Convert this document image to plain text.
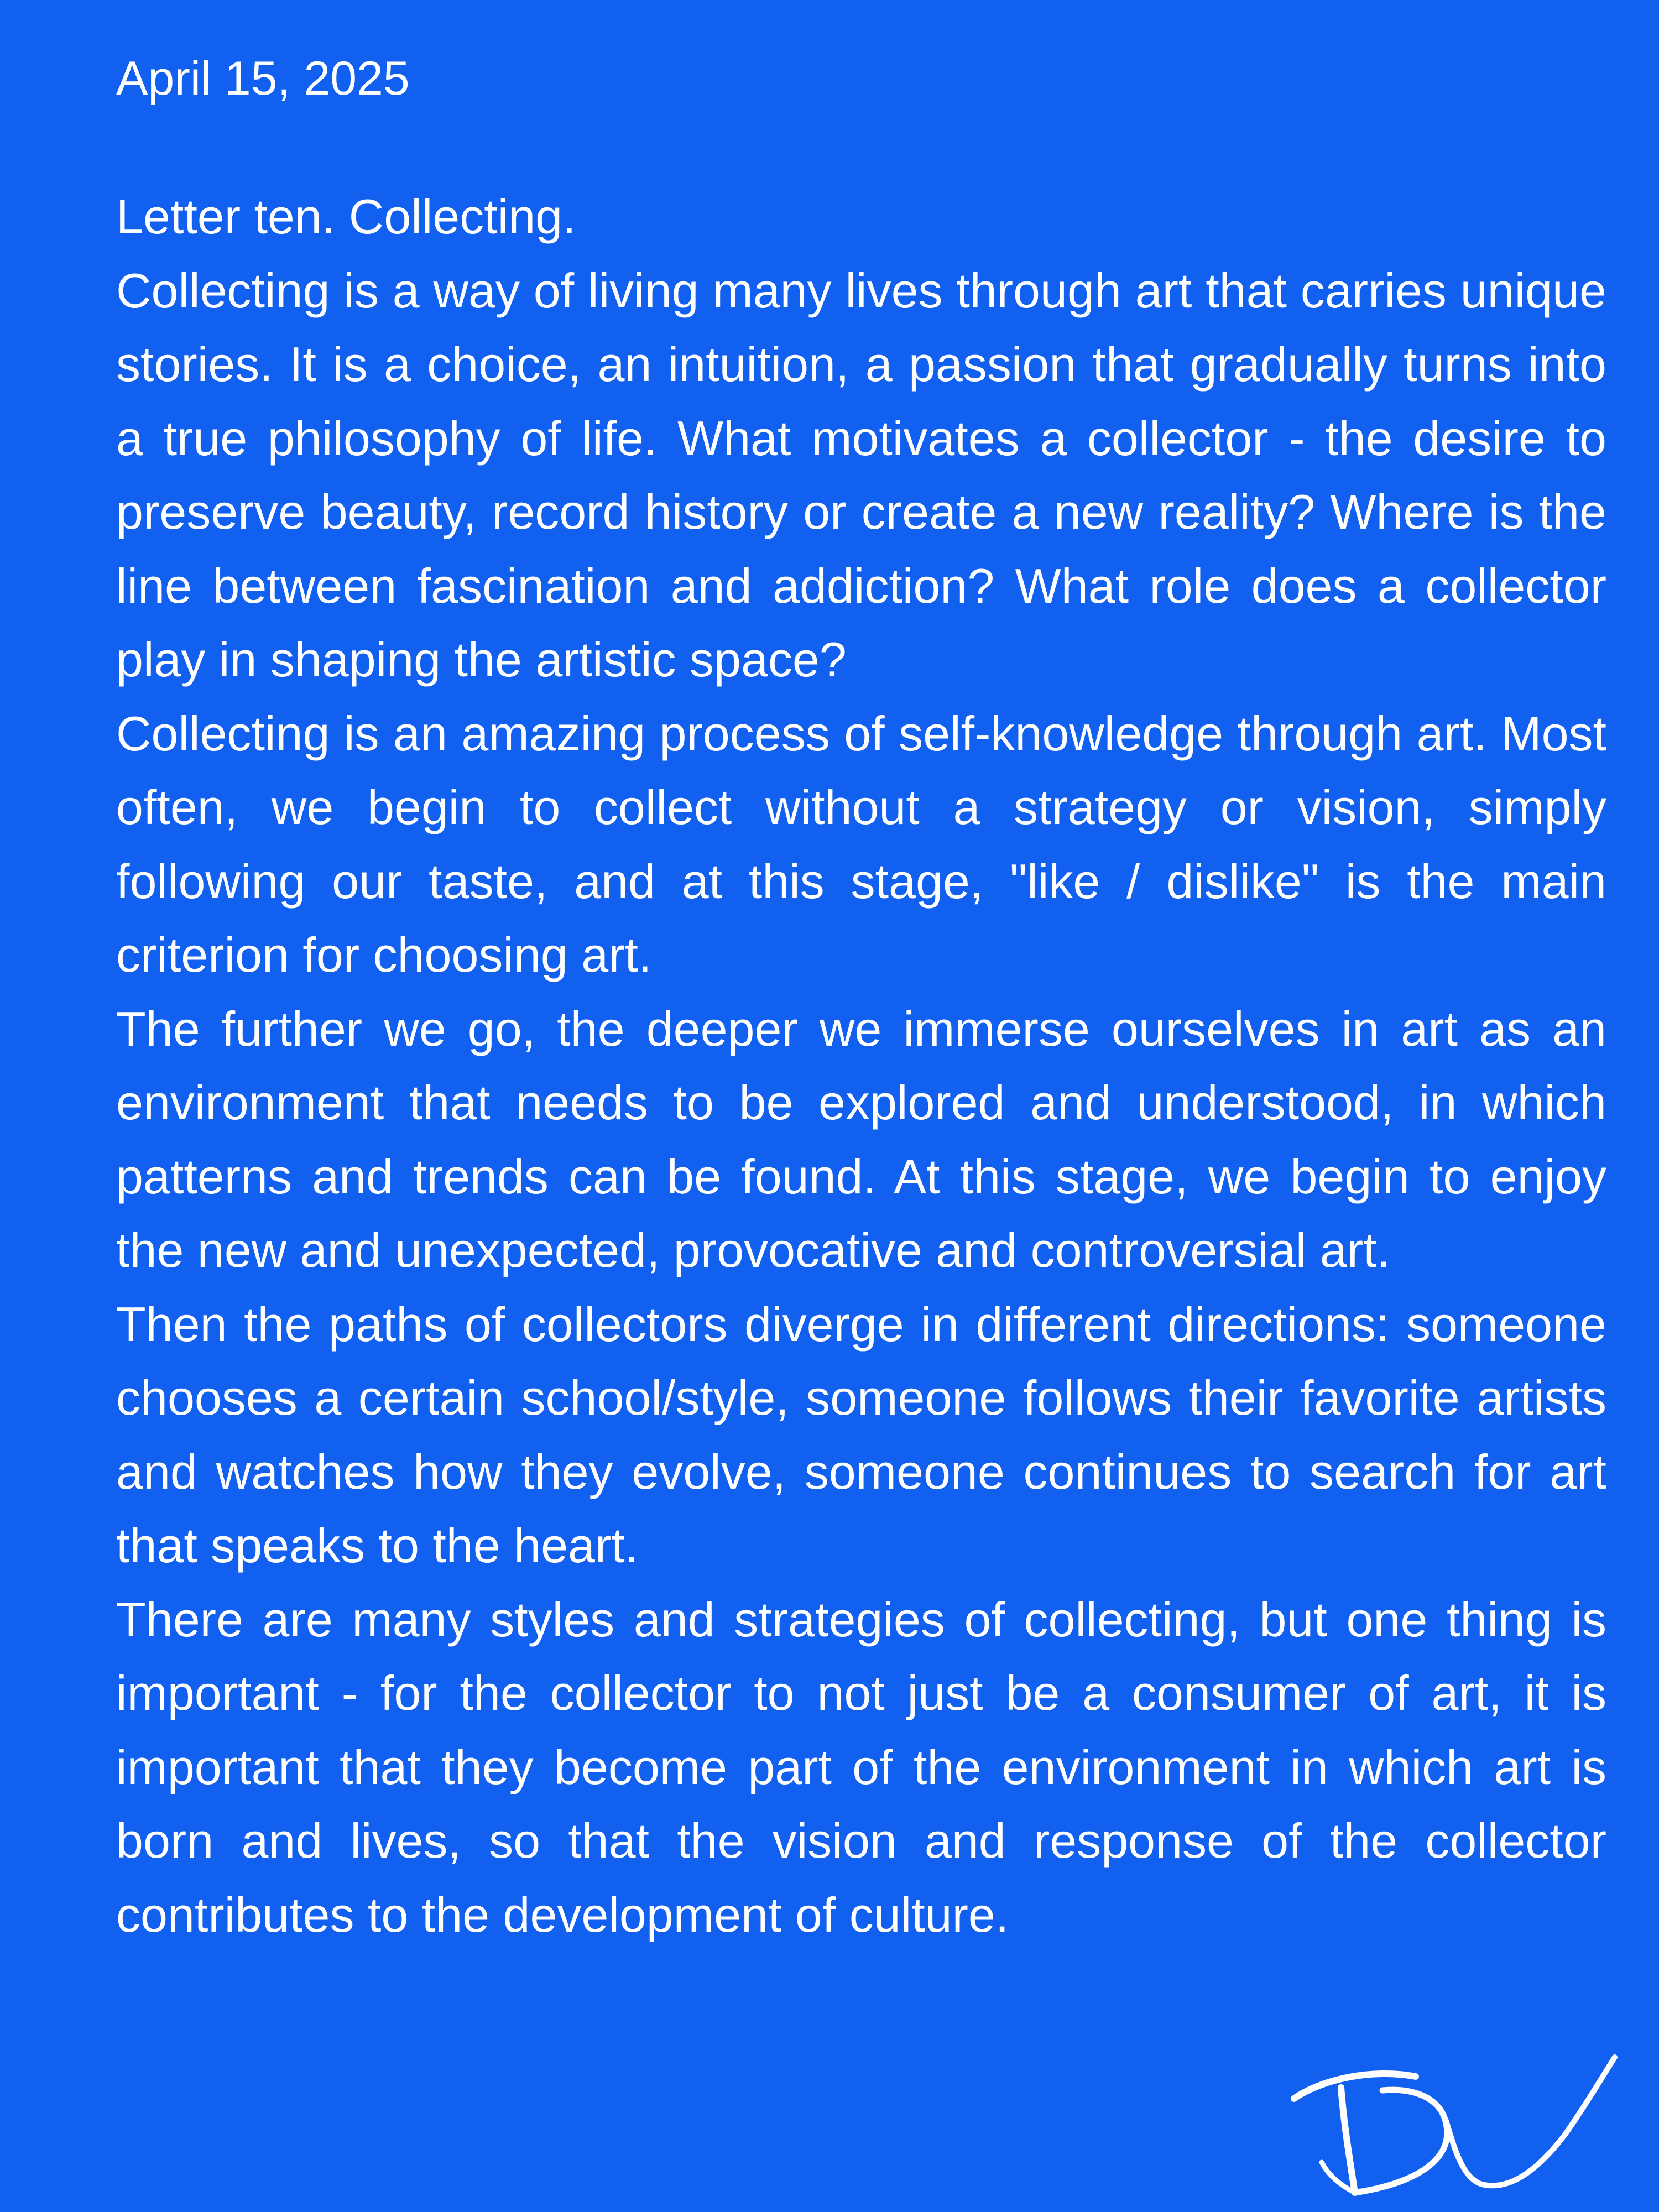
April 15, 2025
Letter ten. Collecting.
Collecting is a way of living many lives through art that carries unique stories. It is a choice, an intuition, a passion that gradually turns into a true philosophy of life. What motivates a collector - the desire to preserve beauty, record history or create a new reality? Where is the line between fascination and addiction? What role does a collector play in shaping the artistic space?
Collecting is an amazing process of self-knowledge through art. Most often, we begin to collect without a strategy or vision, simply following our taste, and at this stage, "like / dislike" is the main criterion for choosing art.
The further we go, the deeper we immerse ourselves in art as an environment that needs to be explored and understood, in which patterns and trends can be found. At this stage, we begin to enjoy the new and unexpected, provocative and controversial art.
Then the paths of collectors diverge in different directions: someone chooses a certain school/style, someone follows their favorite artists and watches how they evolve, someone continues to search for art that speaks to the heart.
There are many styles and strategies of collecting, but one thing is important - for the collector to not just be a consumer of art, it is important that they become part of the environment in which art is born and lives, so that the vision and response of the collector contributes to the development of culture.
